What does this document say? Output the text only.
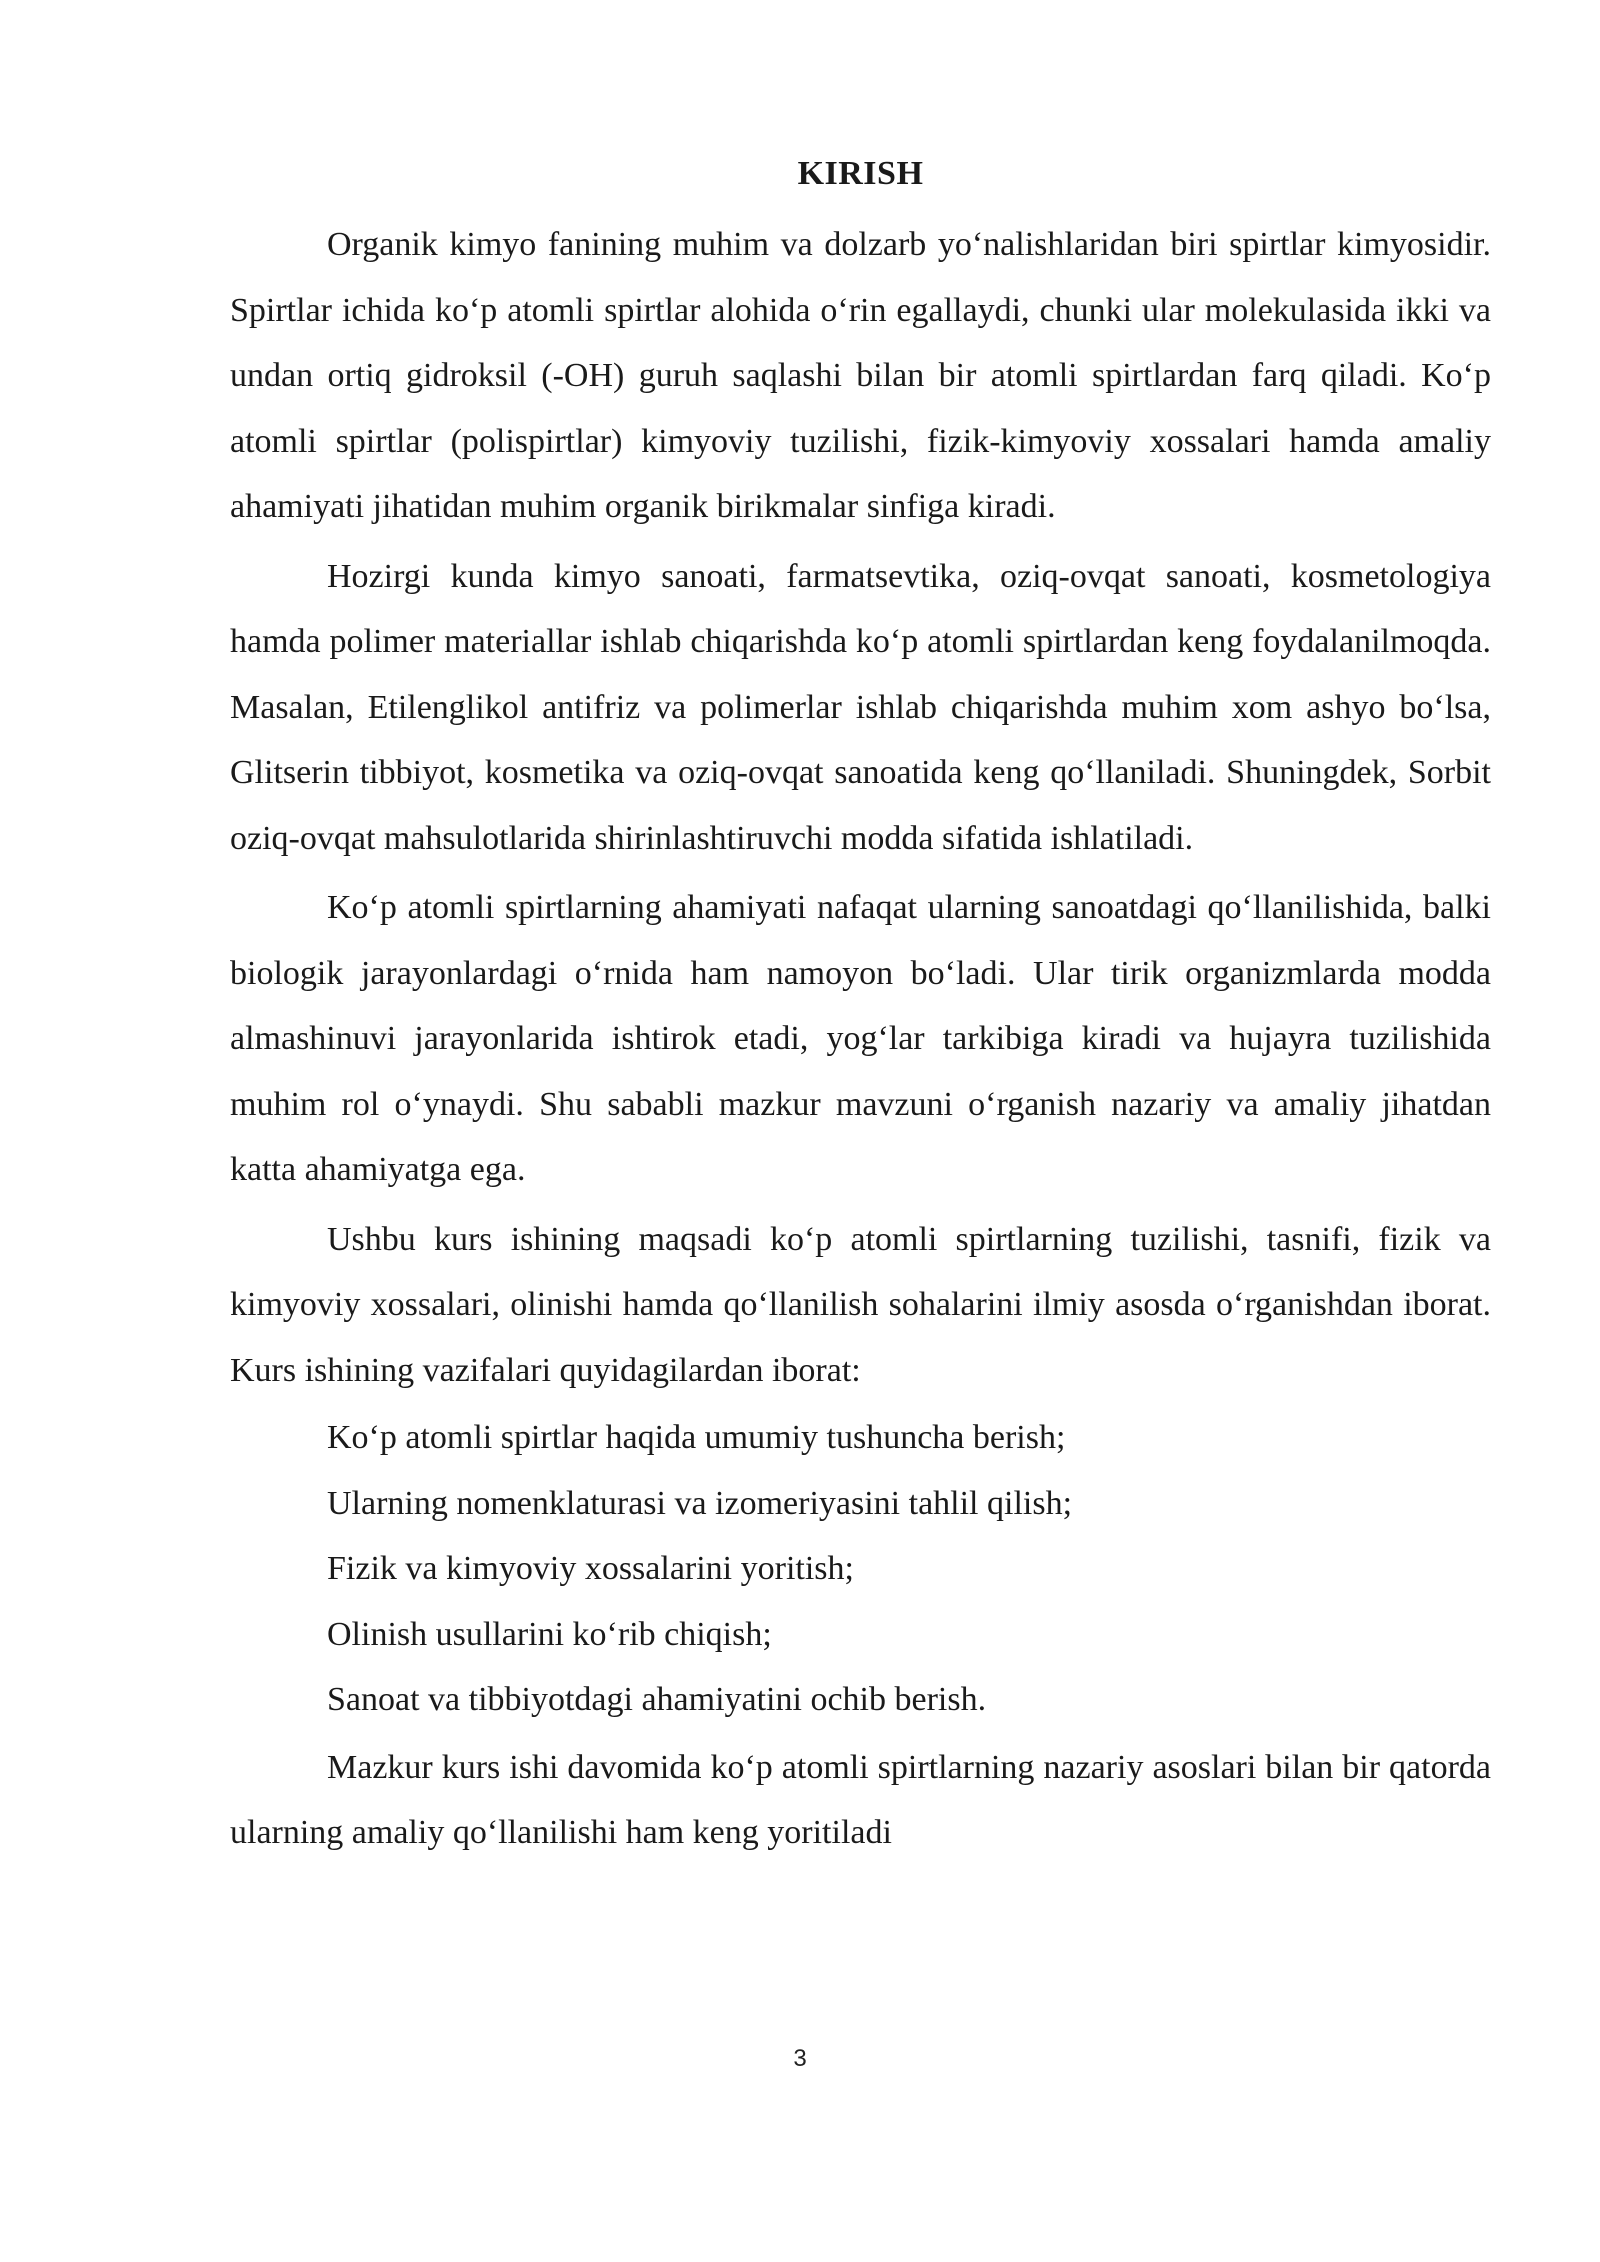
KIRISH

Organik kimyo fanining muhim va dolzarb yo‘nalishlaridan biri spirtlar kimyosidir. Spirtlar ichida ko‘p atomli spirtlar alohida o‘rin egallaydi, chunki ular molekulasida ikki va undan ortiq gidroksil (-OH) guruh saqlashi bilan bir atomli spirtlardan farq qiladi. Ko‘p atomli spirtlar (polispirtlar) kimyoviy tuzilishi, fizik-kimyoviy xossalari hamda amaliy ahamiyati jihatidan muhim organik birikmalar sinfiga kiradi.

Hozirgi kunda kimyo sanoati, farmatsevtika, oziq-ovqat sanoati, kosmetologiya hamda polimer materiallar ishlab chiqarishda ko‘p atomli spirtlardan keng foydalanilmoqda. Masalan, Etilenglikol antifriz va polimerlar ishlab chiqarishda muhim xom ashyo bo‘lsa, Glitserin tibbiyot, kosmetika va oziq-ovqat sanoatida keng qo‘llaniladi. Shuningdek, Sorbit oziq-ovqat mahsulotlarida shirinlashtiruvchi modda sifatida ishlatiladi.

Ko‘p atomli spirtlarning ahamiyati nafaqat ularning sanoatdagi qo‘llanilishida, balki biologik jarayonlardagi o‘rnida ham namoyon bo‘ladi. Ular tirik organizmlarda modda almashinuvi jarayonlarida ishtirok etadi, yog‘lar tarkibiga kiradi va hujayra tuzilishida muhim rol o‘ynaydi. Shu sababli mazkur mavzuni o‘rganish nazariy va amaliy jihatdan katta ahamiyatga ega.

Ushbu kurs ishining maqsadi ko‘p atomli spirtlarning tuzilishi, tasnifi, fizik va kimyoviy xossalari, olinishi hamda qo‘llanilish sohalarini ilmiy asosda o‘rganishdan iborat. Kurs ishining vazifalari quyidagilardan iborat:

Ko‘p atomli spirtlar haqida umumiy tushuncha berish;

Ularning nomenklaturasi va izomeriyasini tahlil qilish;

Fizik va kimyoviy xossalarini yoritish;

Olinish usullarini ko‘rib chiqish;

Sanoat va tibbiyotdagi ahamiyatini ochib berish.

Mazkur kurs ishi davomida ko‘p atomli spirtlarning nazariy asoslari bilan bir qatorda ularning amaliy qo‘llanilishi ham keng yoritiladi

3
